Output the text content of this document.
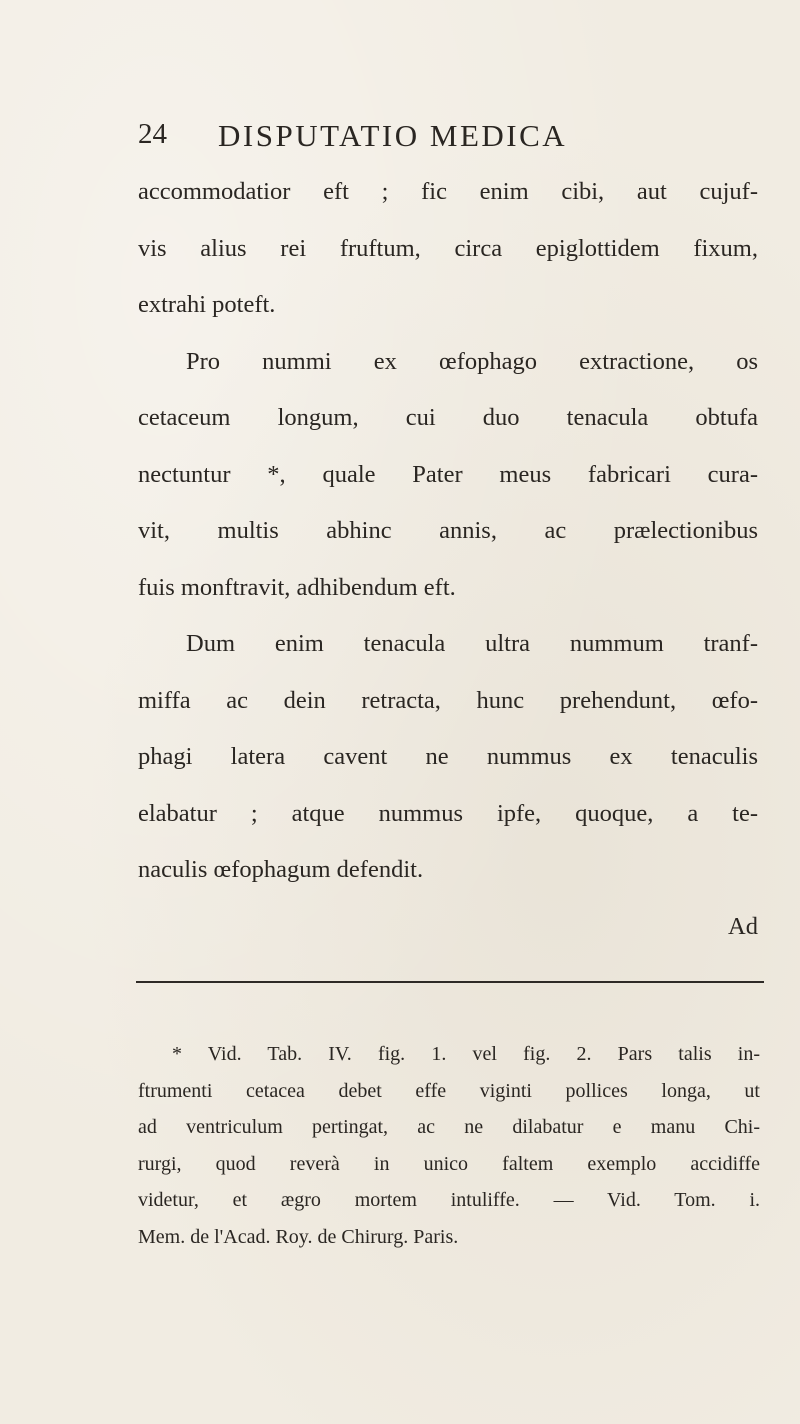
24 DISPUTATIO MEDICA
accommodatior eft ; fic enim cibi, aut cujuf-
vis alius rei fruftum, circa epiglottidem fixum,
extrahi poteft.
Pro nummi ex œfophago extractione, os
cetaceum longum, cui duo tenacula obtufa
nectuntur *, quale Pater meus fabricari cura-
vit, multis abhinc annis, ac prælectionibus
fuis monftravit, adhibendum eft.
Dum enim tenacula ultra nummum tranf-
miffa ac dein retracta, hunc prehendunt, œfo-
phagi latera cavent ne nummus ex tenaculis
elabatur ; atque nummus ipfe, quoque, a te-
naculis œfophagum defendit.
Ad
* Vid. Tab. IV. fig. 1. vel fig. 2. Pars talis in-
ftrumenti cetacea debet effe viginti pollices longa, ut
ad ventriculum pertingat, ac ne dilabatur e manu Chi-
rurgi, quod reverà in unico faltem exemplo accidiffe
videtur, et ægro mortem intuliffe. — Vid. Tom. i.
Mem. de l'Acad. Roy. de Chirurg. Paris.
